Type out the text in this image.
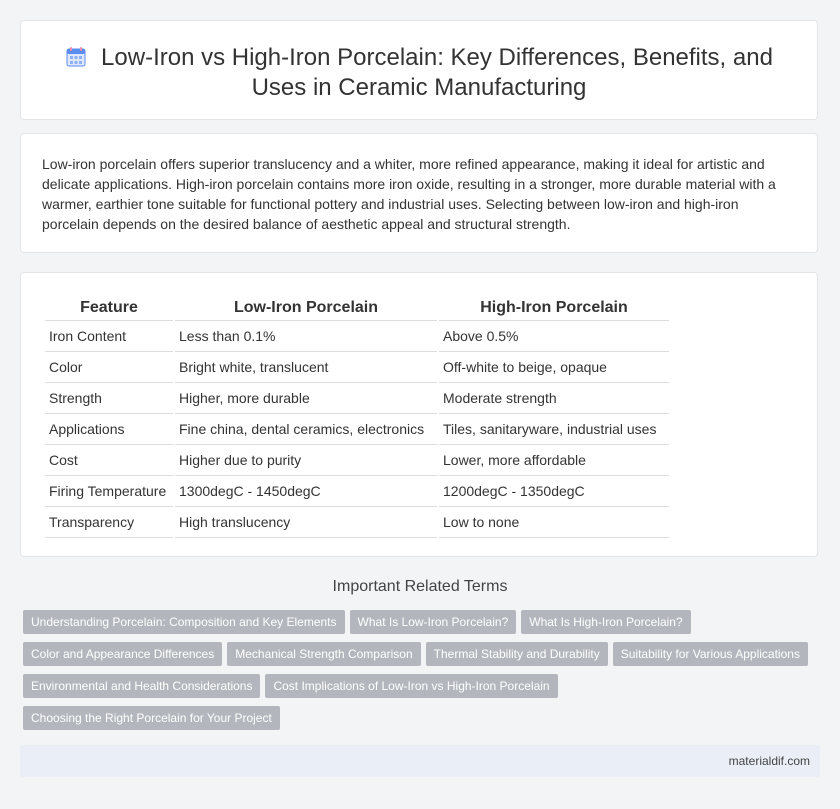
Low-Iron vs High-Iron Porcelain: Key Differences, Benefits, and Uses in Ceramic Manufacturing

Low-iron porcelain offers superior translucency and a whiter, more refined appearance, making it ideal for artistic and delicate applications. High-iron porcelain contains more iron oxide, resulting in a stronger, more durable material with a warmer, earthier tone suitable for functional pottery and industrial uses. Selecting between low-iron and high-iron porcelain depends on the desired balance of aesthetic appeal and structural strength.

Feature	Low-Iron Porcelain	High-Iron Porcelain
Iron Content	Less than 0.1%	Above 0.5%
Color	Bright white, translucent	Off-white to beige, opaque
Strength	Higher, more durable	Moderate strength
Applications	Fine china, dental ceramics, electronics	Tiles, sanitaryware, industrial uses
Cost	Higher due to purity	Lower, more affordable
Firing Temperature	1300degC - 1450degC	1200degC - 1350degC
Transparency	High translucency	Low to none
Important Related Terms
Understanding Porcelain: Composition and Key Elements What Is Low-Iron Porcelain? What Is High-Iron Porcelain?
Color and Appearance Differences Mechanical Strength Comparison Thermal Stability and Durability Suitability for Various Applications
Environmental and Health Considerations Cost Implications of Low-Iron vs High-Iron Porcelain
Choosing the Right Porcelain for Your Project
materialdif.com
